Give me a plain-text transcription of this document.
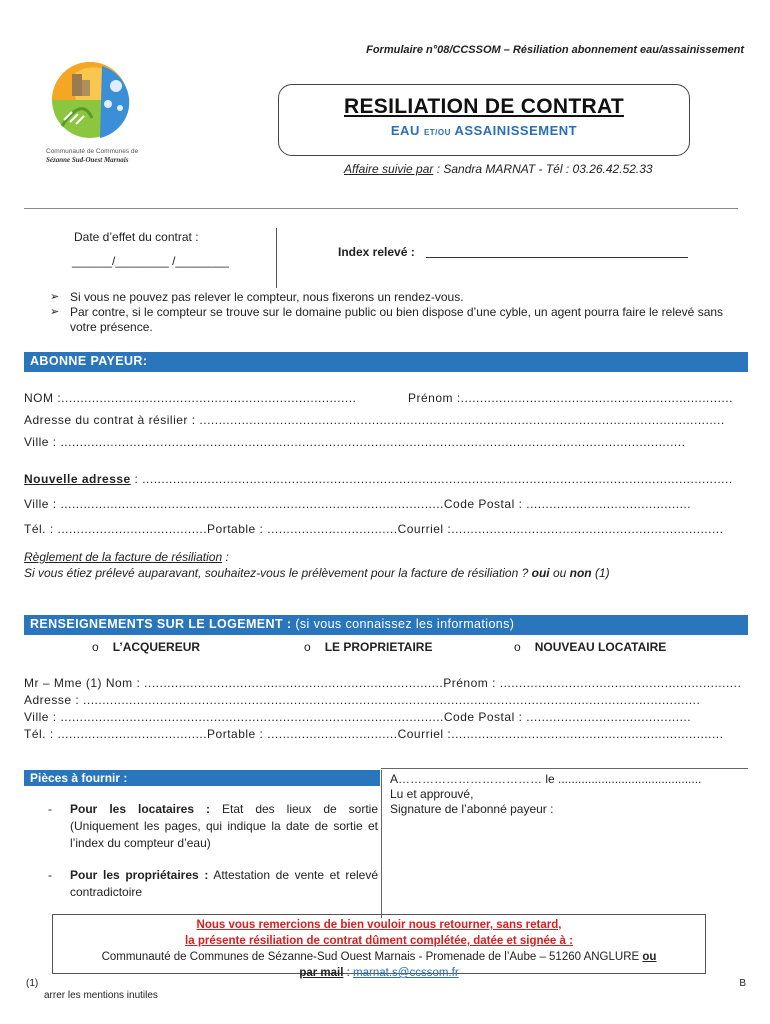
Formulaire n°08/CCSSOM – Résiliation abonnement eau/assainissement
Communauté de Communes de
Sézanne Sud-Ouest Marnais
RESILIATION DE CONTRAT
EAU ET/OU ASSAINISSEMENT
Affaire suivie par : Sandra MARNAT - Tél : 03.26.42.52.33
Date d’effet du contrat :
______/________ /________
Index relevé :
➢ Si vous ne pouvez pas relever le compteur, nous fixerons un rendez-vous.
➢ Par contre, si le compteur se trouve sur le domaine public ou bien dispose d’une cyble, un agent pourra faire le relevé sans votre présence.
ABONNE PAYEUR:
NOM :.............................................................................	Prénom :.......................................................................
Adresse du contrat à résilier : .........................................................................................................................................
Ville : ...................................................................................................................................................................
Nouvelle adresse : ..........................................................................................................................................................
Ville : ....................................................................................................Code Postal : ...........................................
Tél. : .......................................Portable : ..................................Courriel :.......................................................................
Règlement de la facture de résiliation :
Si vous étiez prélevé auparavant, souhaitez-vous le prélèvement pour la facture de résiliation ? oui ou non (1)
RENSEIGNEMENTS SUR LE LOGEMENT : (si vous connaissez les informations)
o L’ACQUEREUR	o LE PROPRIETAIRE	o NOUVEAU LOCATAIRE
Mr – Mme (1) Nom : ..............................................................................Prénom : ...............................................................
Adresse : .................................................................................................................................................................
Ville : ....................................................................................................Code Postal : ...........................................
Tél. : .......................................Portable : ..................................Courriel :.......................................................................
Pièces à fournir :
-	Pour les locataires : Etat des lieux de sortie (Uniquement les pages, qui indique la date de sortie et l’index du compteur d’eau)
-	Pour les propriétaires : Attestation de vente et relevé contradictoire
A……………………………… le ...........................................
Lu et approuvé,
Signature de l’abonné payeur :
Nous vous remercions de bien vouloir nous retourner, sans retard,
la présente résiliation de contrat dûment complétée, datée et signée à :
Communauté de Communes de Sézanne-Sud Ouest Marnais - Promenade de l’Aube – 51260 ANGLURE ou
par mail : marnat.s@ccssom.fr
(1)
arrer les mentions inutiles
B
